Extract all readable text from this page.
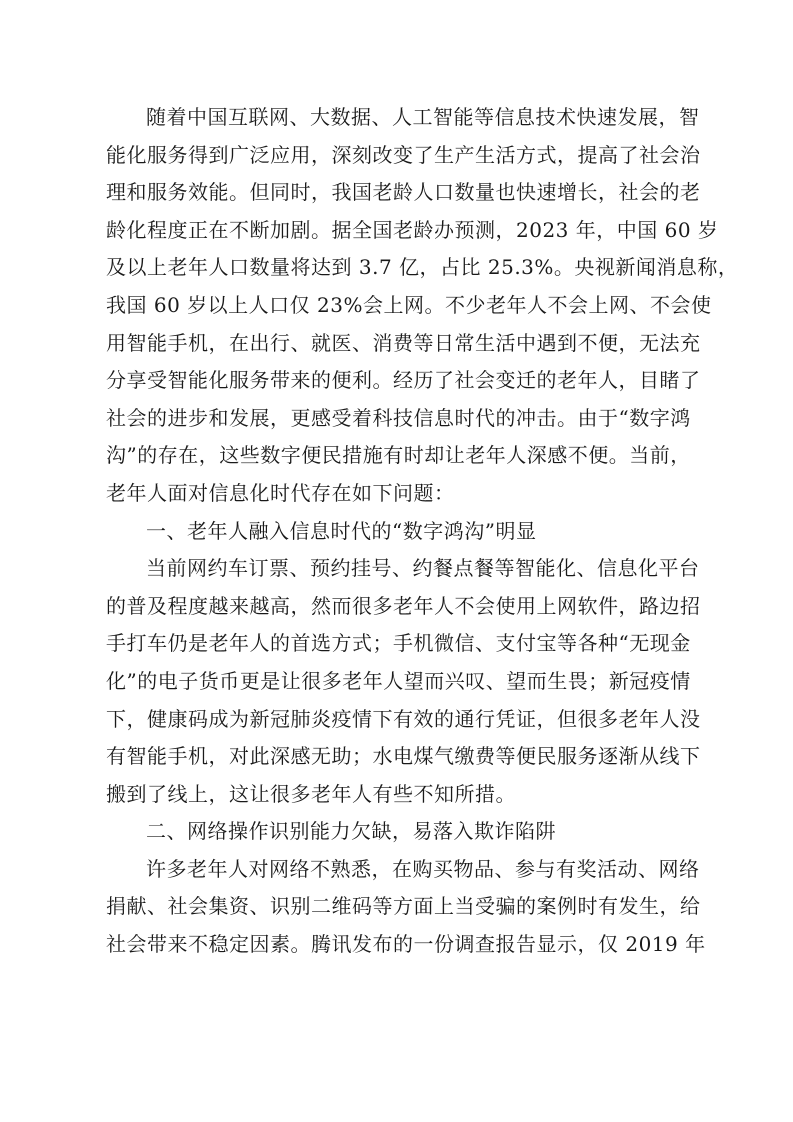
随着中国互联网、大数据、人工智能等信息技术快速发展，智
能化服务得到广泛应用，深刻改变了生产生活方式，提高了社会治
理和服务效能。但同时，我国老龄人口数量也快速增长，社会的老
龄化程度正在不断加剧。据全国老龄办预测，2023 年，中国 60 岁
及以上老年人口数量将达到 3.7 亿，占比 25.3%。央视新闻消息称，
我国 60 岁以上人口仅 23%会上网。不少老年人不会上网、不会使
用智能手机，在出行、就医、消费等日常生活中遇到不便，无法充
分享受智能化服务带来的便利。经历了社会变迁的老年人，目睹了
社会的进步和发展，更感受着科技信息时代的冲击。由于“数字鸿
沟”的存在，这些数字便民措施有时却让老年人深感不便。当前，
老年人面对信息化时代存在如下问题：
一、老年人融入信息时代的“数字鸿沟”明显
当前网约车订票、预约挂号、约餐点餐等智能化、信息化平台
的普及程度越来越高，然而很多老年人不会使用上网软件，路边招
手打车仍是老年人的首选方式；手机微信、支付宝等各种“无现金
化”的电子货币更是让很多老年人望而兴叹、望而生畏；新冠疫情
下，健康码成为新冠肺炎疫情下有效的通行凭证，但很多老年人没
有智能手机，对此深感无助；水电煤气缴费等便民服务逐渐从线下
搬到了线上，这让很多老年人有些不知所措。
二、网络操作识别能力欠缺，易落入欺诈陷阱
许多老年人对网络不熟悉，在购买物品、参与有奖活动、网络
捐献、社会集资、识别二维码等方面上当受骗的案例时有发生，给
社会带来不稳定因素。腾讯发布的一份调查报告显示，仅 2019 年
